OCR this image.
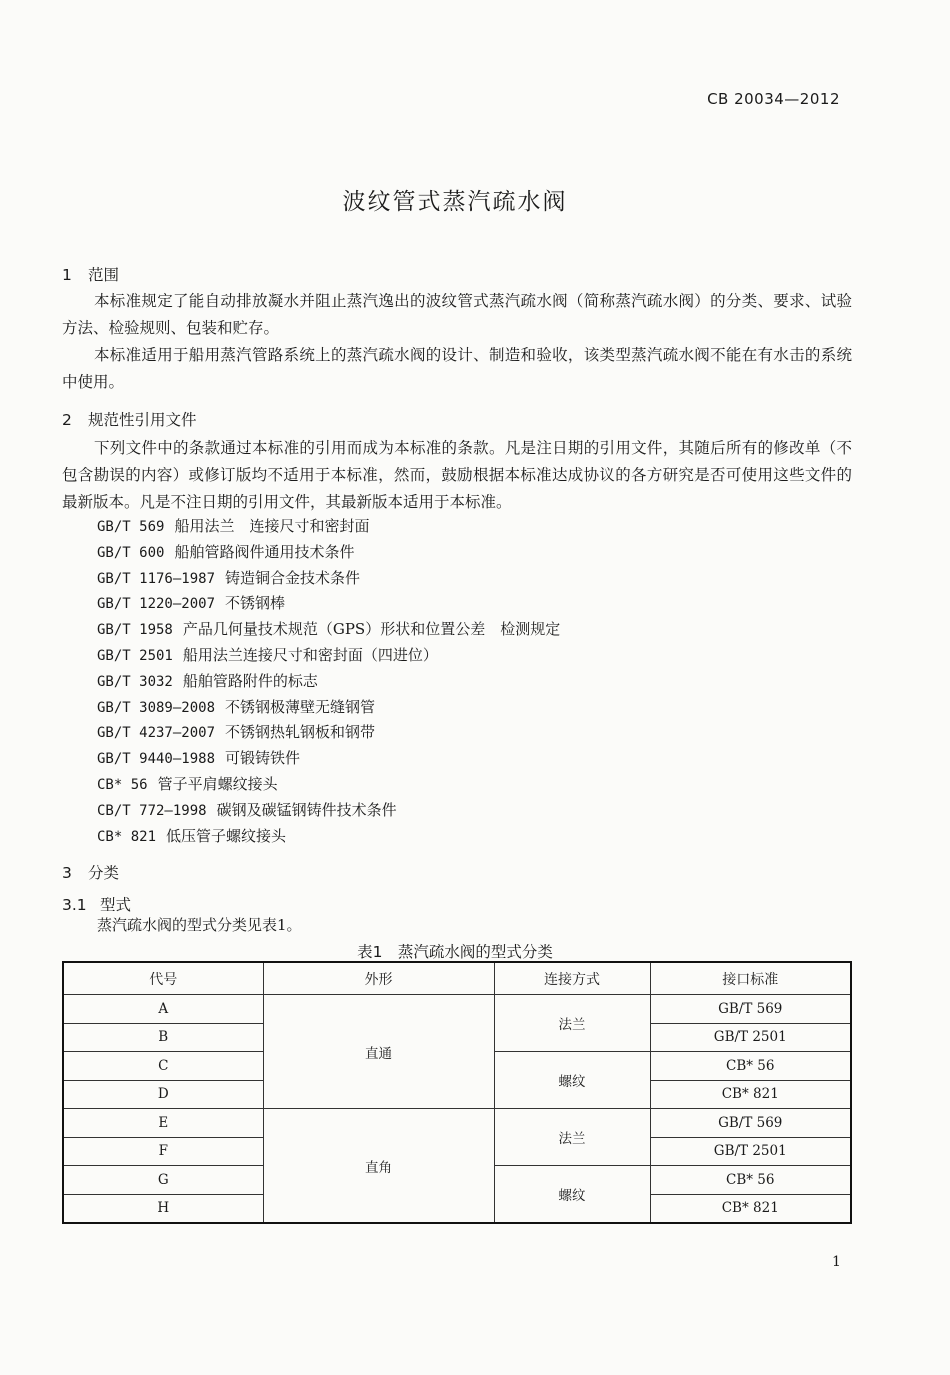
CB 20034—2012
波纹管式蒸汽疏水阀
1 范围
本标准规定了能自动排放凝水并阻止蒸汽逸出的波纹管式蒸汽疏水阀（简称蒸汽疏水阀）的分类、要求、试验方法、检验规则、包装和贮存。
本标准适用于船用蒸汽管路系统上的蒸汽疏水阀的设计、制造和验收，该类型蒸汽疏水阀不能在有水击的系统中使用。
2 规范性引用文件
下列文件中的条款通过本标准的引用而成为本标准的条款。凡是注日期的引用文件，其随后所有的修改单（不包含勘误的内容）或修订版均不适用于本标准，然而，鼓励根据本标准达成协议的各方研究是否可使用这些文件的最新版本。凡是不注日期的引用文件，其最新版本适用于本标准。
GB/T 569 船用法兰　连接尺寸和密封面
GB/T 600 船舶管路阀件通用技术条件
GB/T 1176—1987 铸造铜合金技术条件
GB/T 1220—2007 不锈钢棒
GB/T 1958 产品几何量技术规范（GPS）形状和位置公差　检测规定
GB/T 2501 船用法兰连接尺寸和密封面（四进位）
GB/T 3032 船舶管路附件的标志
GB/T 3089—2008 不锈钢极薄壁无缝钢管
GB/T 4237—2007 不锈钢热轧钢板和钢带
GB/T 9440—1988 可锻铸铁件
CB* 56 管子平肩螺纹接头
CB/T 772—1998 碳钢及碳锰钢铸件技术条件
CB* 821 低压管子螺纹接头
3 分类
3.1 型式
蒸汽疏水阀的型式分类见表1。
表1　蒸汽疏水阀的型式分类
代号	外形	连接方式	接口标准
A	直通	法兰	GB/T 569
B			GB/T 2501
C		螺纹	CB* 56
D			CB* 821
E	直角	法兰	GB/T 569
F			GB/T 2501
G		螺纹	CB* 56
H			CB* 821
1
